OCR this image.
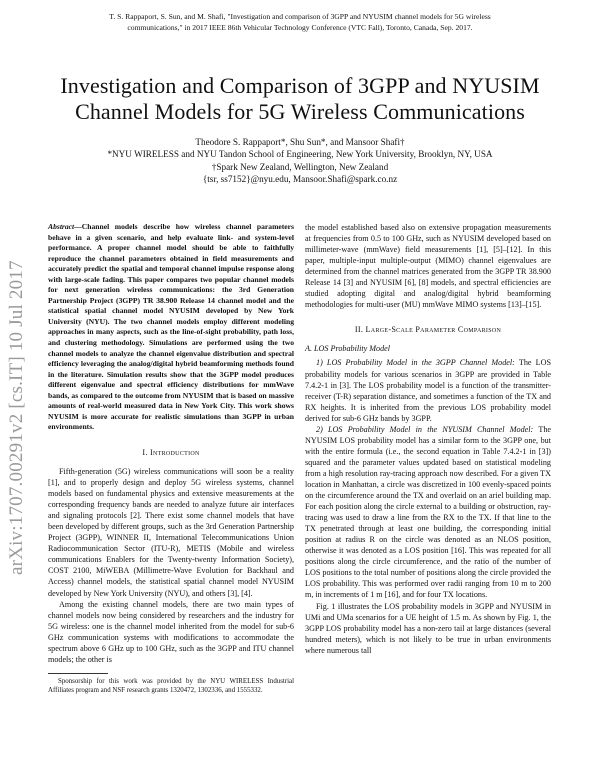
T. S. Rappaport, S. Sun, and M. Shafi, "Investigation and comparison of 3GPP and NYUSIM channel models for 5G wireless
communications," in 2017 IEEE 86th Vehicular Technology Conference (VTC Fall), Toronto, Canada, Sep. 2017.
arXiv:1707.00291v2 [cs.IT] 10 Jul 2017
Investigation and Comparison of 3GPP and NYUSIM
Channel Models for 5G Wireless Communications
Theodore S. Rappaport*, Shu Sun*, and Mansoor Shafi†
*NYU WIRELESS and NYU Tandon School of Engineering, New York University, Brooklyn, NY, USA
†Spark New Zealand, Wellington, New Zealand
{tsr, ss7152}@nyu.edu, Mansoor.Shafi@spark.co.nz
Abstract—Channel models describe how wireless channel parameters behave in a given scenario, and help evaluate link- and system-level performance. A proper channel model should be able to faithfully reproduce the channel parameters obtained in field measurements and accurately predict the spatial and temporal channel impulse response along with large-scale fading. This paper compares two popular channel models for next generation wireless communications: the 3rd Generation Partnership Project (3GPP) TR 38.900 Release 14 channel model and the statistical spatial channel model NYUSIM developed by New York University (NYU). The two channel models employ different modeling approaches in many aspects, such as the line-of-sight probability, path loss, and clustering methodology. Simulations are performed using the two channel models to analyze the channel eigenvalue distribution and spectral efficiency leveraging the analog/digital hybrid beamforming methods found in the literature. Simulation results show that the 3GPP model produces different eigenvalue and spectral efficiency distributions for mmWave bands, as compared to the outcome from NYUSIM that is based on massive amounts of real-world measured data in New York City. This work shows NYUSIM is more accurate for realistic simulations than 3GPP in urban environments.
I. Introduction

Fifth-generation (5G) wireless communications will soon be a reality [1], and to properly design and deploy 5G wireless systems, channel models based on fundamental physics and extensive measurements at the corresponding frequency bands are needed to analyze future air interfaces and signaling protocols [2]. There exist some channel models that have been developed by different groups, such as the 3rd Generation Partnership Project (3GPP), WINNER II, International Telecommunications Union Radiocommunication Sector (ITU-R), METIS (Mobile and wireless communications Enablers for the Twenty-twenty Information Society), COST 2100, MiWEBA (Millimetre-Wave Evolution for Backhaul and Access) channel models, the statistical spatial channel model NYUSIM developed by New York University (NYU), and others [3], [4].

Among the existing channel models, there are two main types of channel models now being considered by researchers and the industry for 5G wireless: one is the channel model inherited from the model for sub-6 GHz communication systems with modifications to accommodate the spectrum above 6 GHz up to 100 GHz, such as the 3GPP and ITU channel models; the other is

Sponsorship for this work was provided by the NYU WIRELESS Industrial Affiliates program and NSF research grants 1320472, 1302336, and 1555332.

the model established based also on extensive propagation measurements at frequencies from 0.5 to 100 GHz, such as NYUSIM developed based on millimeter-wave (mmWave) field measurements [1], [5]–[12]. In this paper, multiple-input multiple-output (MIMO) channel eigenvalues are determined from the channel matrices generated from the 3GPP TR 38.900 Release 14 [3] and NYUSIM [6], [8] models, and spectral efficiencies are studied adopting digital and analog/digital hybrid beamforming methodologies for multi-user (MU) mmWave MIMO systems [13]–[15].

II. Large-Scale Parameter Comparison
A. LOS Probability Model

1) LOS Probability Model in the 3GPP Channel Model: The LOS probability models for various scenarios in 3GPP are provided in Table 7.4.2-1 in [3]. The LOS probability model is a function of the transmitter-receiver (T-R) separation distance, and sometimes a function of the TX and RX heights. It is inherited from the previous LOS probability model derived for sub-6 GHz bands by 3GPP.

2) LOS Probability Model in the NYUSIM Channel Model: The NYUSIM LOS probability model has a similar form to the 3GPP one, but with the entire formula (i.e., the second equation in Table 7.4.2-1 in [3]) squared and the parameter values updated based on statistical modeling from a high resolution ray-tracing approach now described. For a given TX location in Manhattan, a circle was discretized in 100 evenly-spaced points on the circumference around the TX and overlaid on an ariel building map. For each position along the circle external to a building or obstruction, ray-tracing was used to draw a line from the RX to the TX. If that line to the TX penetrated through at least one building, the corresponding initial position at radius R on the circle was denoted as an NLOS position, otherwise it was denoted as a LOS position [16]. This was repeated for all positions along the circle circumference, and the ratio of the number of LOS positions to the total number of positions along the circle provided the LOS probability. This was performed over radii ranging from 10 m to 200 m, in increments of 1 m [16], and for four TX locations.

Fig. 1 illustrates the LOS probability models in 3GPP and NYUSIM in UMi and UMa scenarios for a UE height of 1.5 m. As shown by Fig. 1, the 3GPP LOS probability model has a non-zero tail at large distances (several hundred meters), which is not likely to be true in urban environments where numerous tall
